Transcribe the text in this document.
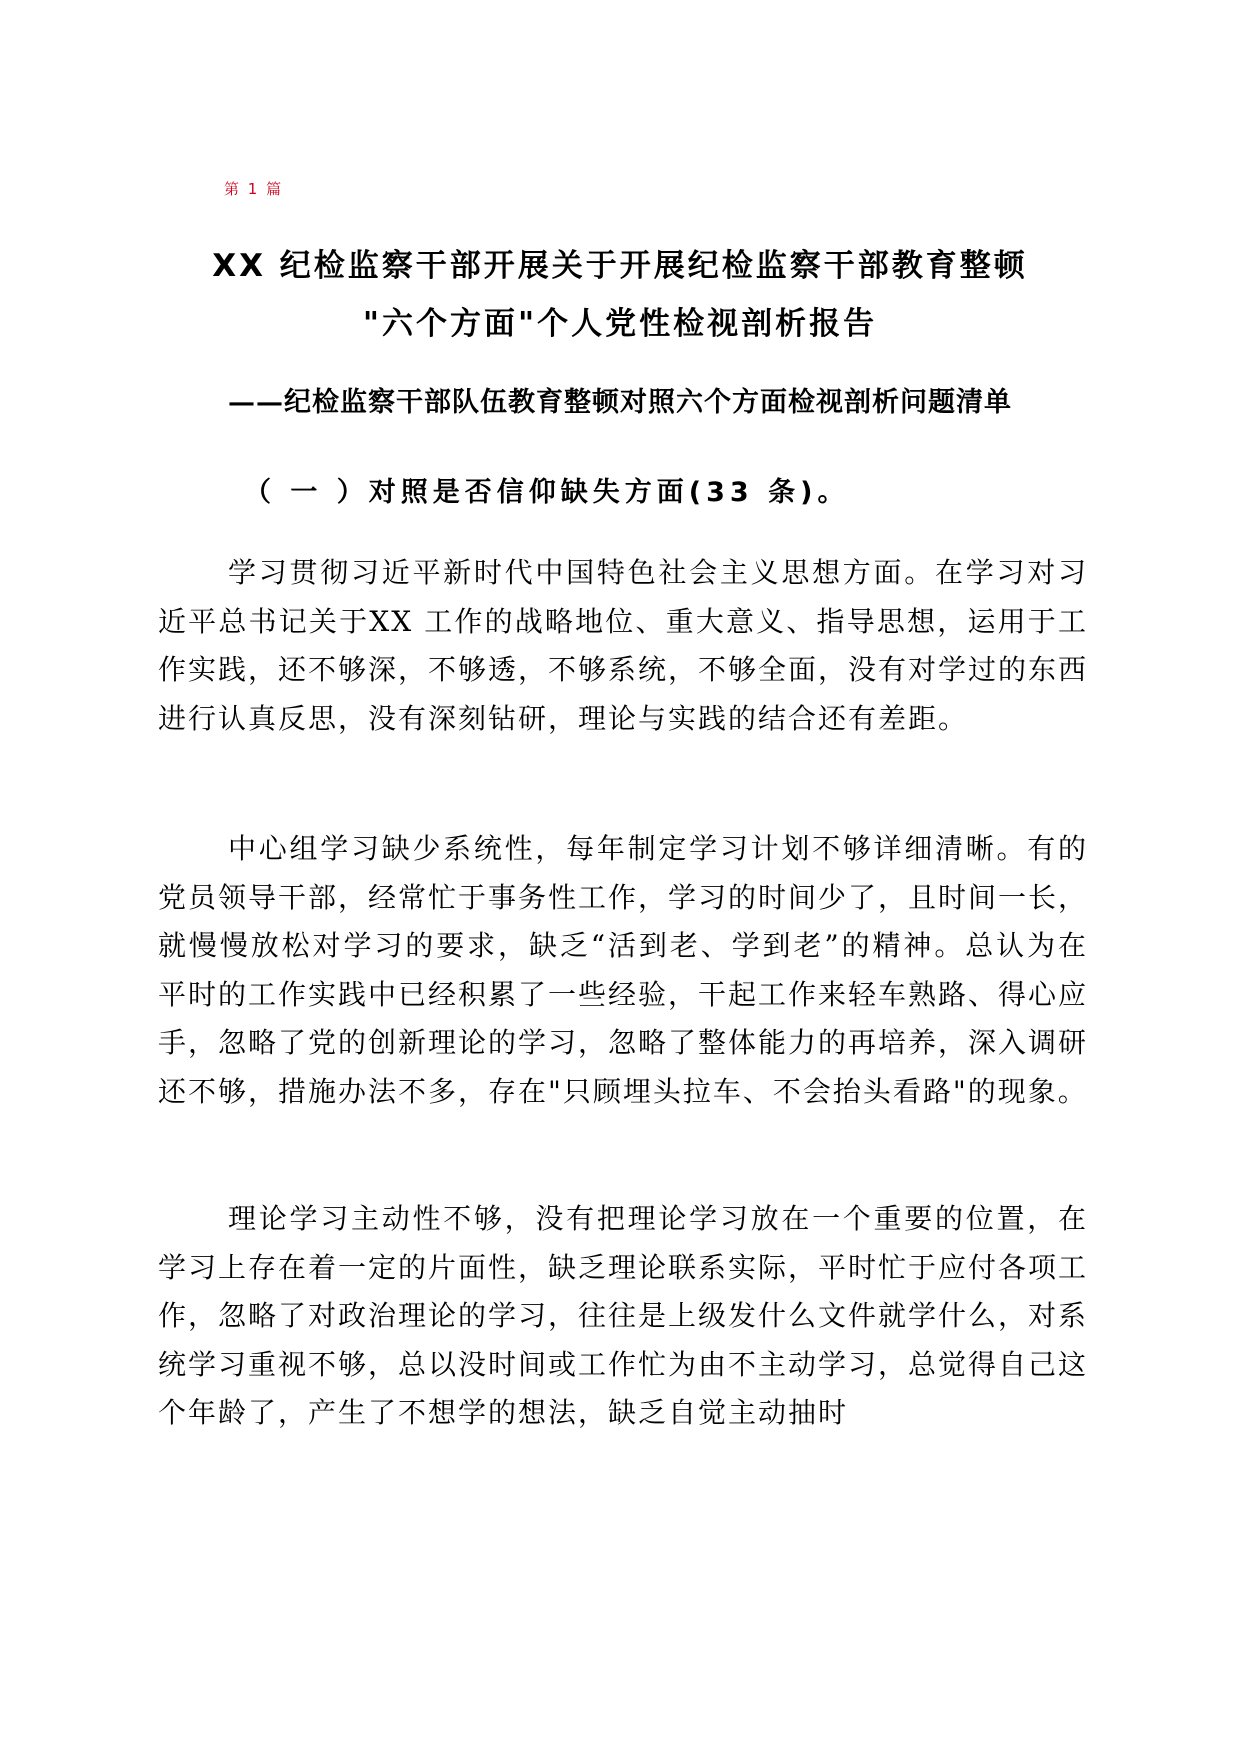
第 1 篇
XX 纪检监察干部开展关于开展纪检监察干部教育整顿
"六个方面"个人党性检视剖析报告
——纪检监察干部队伍教育整顿对照六个方面检视剖析问题清单
（ 一 ）对照是否信仰缺失方面(33 条)。

学习贯彻习近平新时代中国特色社会主义思想方面。在学习对习近平总书记关于XX 工作的战略地位、重大意义、指导思想，运用于工作实践，还不够深，不够透，不够系统，不够全面，没有对学过的东西进行认真反思，没有深刻钻研，理论与实践的结合还有差距。

中心组学习缺少系统性，每年制定学习计划不够详细清晰。有的党员领导干部，经常忙于事务性工作，学习的时间少了，且时间一长，就慢慢放松对学习的要求，缺乏“活到老、学到老”的精神。总认为在平时的工作实践中已经积累了一些经验，干起工作来轻车熟路、得心应手，忽略了党的创新理论的学习，忽略了整体能力的再培养，深入调研还不够，措施办法不多，存在"只顾埋头拉车、不会抬头看路"的现象。

理论学习主动性不够，没有把理论学习放在一个重要的位置，在学习上存在着一定的片面性，缺乏理论联系实际，平时忙于应付各项工作，忽略了对政治理论的学习，往往是上级发什么文件就学什么，对系统学习重视不够，总以没时间或工作忙为由不主动学习，总觉得自己这个年龄了，产生了不想学的想法，缺乏自觉主动抽时
